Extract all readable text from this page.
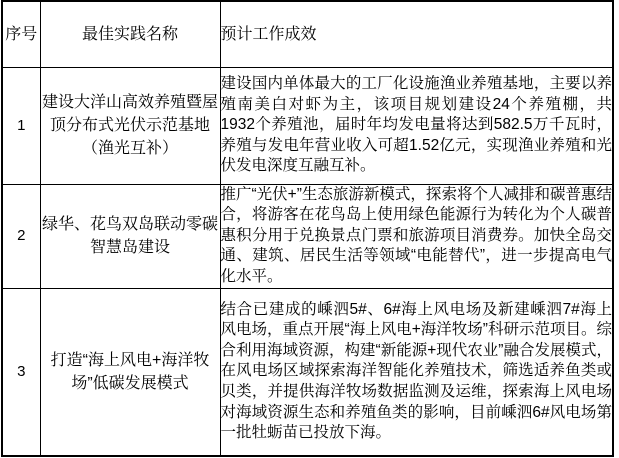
序号	最佳实践名称	预计工作成效
1	建设大洋山高效养殖暨屋顶分布式光伏示范基地（渔光互补）	建设国内单体最大的工厂化设施渔业养殖基地，主要以养殖南美白对虾为主，该项目规划建设24个养殖棚，共1932个养殖池，届时年均发电量将达到582.5万千瓦时，养殖与发电年营业收入可超1.52亿元，实现渔业养殖和光伏发电深度互融互补。
2	绿华、花鸟双岛联动零碳智慧岛建设	推广“光伏+”生态旅游新模式，探索将个人减排和碳普惠结合，将游客在花鸟岛上使用绿色能源行为转化为个人碳普惠积分用于兑换景点门票和旅游项目消费券。加快全岛交通、建筑、居民生活等领域“电能替代”，进一步提高电气化水平。
3	打造“海上风电+海洋牧场”低碳发展模式	结合已建成的嵊泗5#、6#海上风电场及新建嵊泗7#海上风电场，重点开展“海上风电+海洋牧场”科研示范项目。综合利用海域资源，构建“新能源+现代农业”融合发展模式，在风电场区域探索海洋智能化养殖技术，筛选适养鱼类或贝类，并提供海洋牧场数据监测及运维，探索海上风电场对海域资源生态和养殖鱼类的影响，目前嵊泗6#风电场第一批牡蛎苗已投放下海。
